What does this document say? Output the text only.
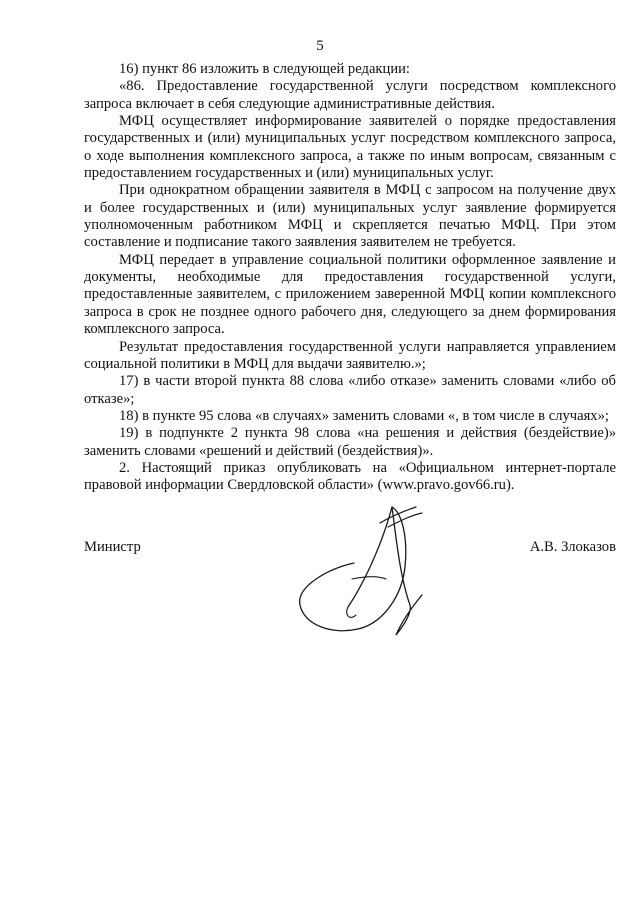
5

16) пункт 86 изложить в следующей редакции:

«86. Предоставление государственной услуги посредством комплексного запроса включает в себя следующие административные действия.

МФЦ осуществляет информирование заявителей о порядке предоставления государственных и (или) муниципальных услуг посредством комплексного запроса, о ходе выполнения комплексного запроса, а также по иным вопросам, связанным с предоставлением государственных и (или) муниципальных услуг.

При однократном обращении заявителя в МФЦ с запросом на получение двух и более государственных и (или) муниципальных услуг заявление формируется уполномоченным работником МФЦ и скрепляется печатью МФЦ. При этом составление и подписание такого заявления заявителем не требуется.

МФЦ передает в управление социальной политики оформленное заявление и документы, необходимые для предоставления государственной услуги, предоставленные заявителем, с приложением заверенной МФЦ копии комплексного запроса в срок не позднее одного рабочего дня, следующего за днем формирования комплексного запроса.

Результат предоставления государственной услуги направляется управлением социальной политики в МФЦ для выдачи заявителю.»;

17) в части второй пункта 88 слова «либо отказе» заменить словами «либо об отказе»;

18) в пункте 95 слова «в случаях» заменить словами «, в том числе в случаях»;

19) в подпункте 2 пункта 98 слова «на решения и действия (бездействие)» заменить словами «решений и действий (бездействия)».

2. Настоящий приказ опубликовать на «Официальном интернет-портале правовой информации Свердловской области» (www.pravo.gov66.ru).

Министр	А.В. Злоказов
